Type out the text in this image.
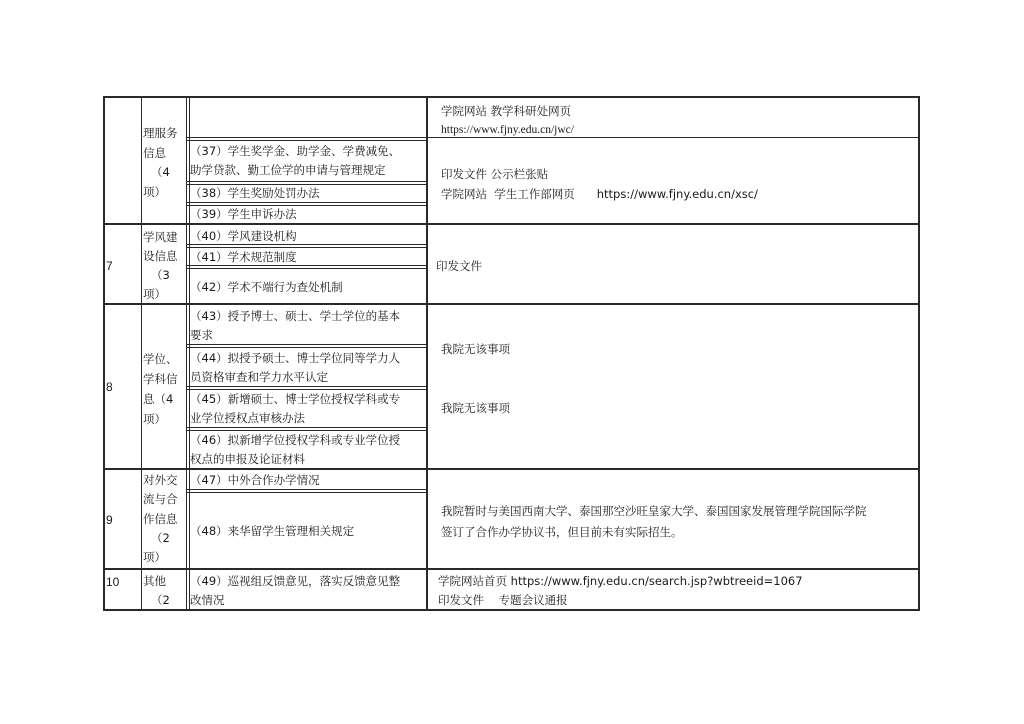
理服务
信息
（4
项）
（37）学生奖学金、助学金、学费减免、
助学贷款、勤工俭学的申请与管理规定
（38）学生奖励处罚办法
（39）学生申诉办法
学院网站 教学科研处网页
https://www.fjny.edu.cn/jwc/
印发文件 公示栏张贴
学院网站  学生工作部网页      https://www.fjny.edu.cn/xsc/
7
学风建
设信息
（3
项）
（40）学风建设机构
（41）学术规范制度
（42）学术不端行为查处机制
印发文件
8
学位、
学科信
息（4
项）
（43）授予博士、硕士、学士学位的基本
要求
（44）拟授予硕士、博士学位同等学力人
员资格审查和学力水平认定
（45）新增硕士、博士学位授权学科或专
业学位授权点审核办法
（46）拟新增学位授权学科或专业学位授
权点的申报及论证材料
我院无该事项
我院无该事项
9
对外交
流与合
作信息
（2
项）
（47）中外合作办学情况
（48）来华留学生管理相关规定
我院暂时与美国西南大学、泰国那空沙旺皇家大学、泰国国家发展管理学院国际学院
签订了合作办学协议书，但目前未有实际招生。
10 其他
（2
（49）巡视组反馈意见，落实反馈意见整
改情况
学院网站首页 https://www.fjny.edu.cn/search.jsp?wbtreeid=1067
印发文件    专题会议通报
